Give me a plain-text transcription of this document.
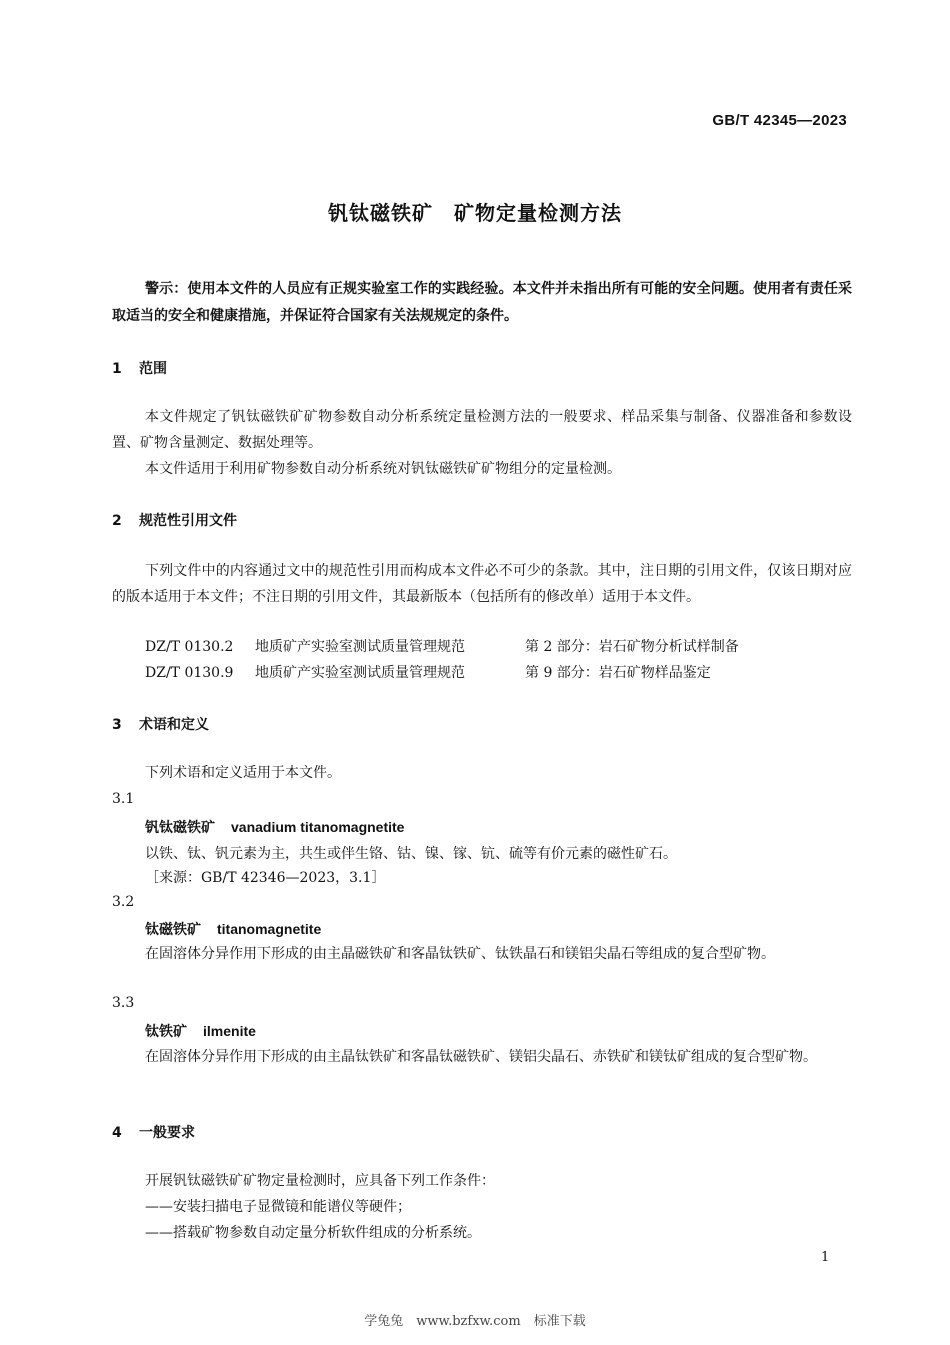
GB/T 42345—2023
钒钛磁铁矿　矿物定量检测方法
警示：使用本文件的人员应有正规实验室工作的实践经验。本文件并未指出所有可能的安全问题。使用者有责任采取适当的安全和健康措施，并保证符合国家有关法规规定的条件。
1 范围
本文件规定了钒钛磁铁矿矿物参数自动分析系统定量检测方法的一般要求、样品采集与制备、仪器准备和参数设置、矿物含量测定、数据处理等。
本文件适用于利用矿物参数自动分析系统对钒钛磁铁矿矿物组分的定量检测。
2 规范性引用文件
下列文件中的内容通过文中的规范性引用而构成本文件必不可少的条款。其中，注日期的引用文件，仅该日期对应的版本适用于本文件；不注日期的引用文件，其最新版本（包括所有的修改单）适用于本文件。
DZ/T 0130.2 地质矿产实验室测试质量管理规范	第 2 部分：岩石矿物分析试样制备
DZ/T 0130.9 地质矿产实验室测试质量管理规范	第 9 部分：岩石矿物样品鉴定
3 术语和定义
下列术语和定义适用于本文件。
3.1
钒钛磁铁矿 vanadium titanomagnetite
以铁、钛、钒元素为主，共生或伴生铬、钴、镍、镓、钪、硫等有价元素的磁性矿石。
［来源：GB/T 42346—2023，3.1］
3.2
钛磁铁矿 titanomagnetite
在固溶体分异作用下形成的由主晶磁铁矿和客晶钛铁矿、钛铁晶石和镁铝尖晶石等组成的复合型矿物。
3.3
钛铁矿 ilmenite
在固溶体分异作用下形成的由主晶钛铁矿和客晶钛磁铁矿、镁铝尖晶石、赤铁矿和镁钛矿组成的复合型矿物。
4 一般要求
开展钒钛磁铁矿矿物定量检测时，应具备下列工作条件：
——安装扫描电子显微镜和能谱仪等硬件；
——搭载矿物参数自动定量分析软件组成的分析系统。
1
学兔兔　www.bzfxw.com　标准下载
